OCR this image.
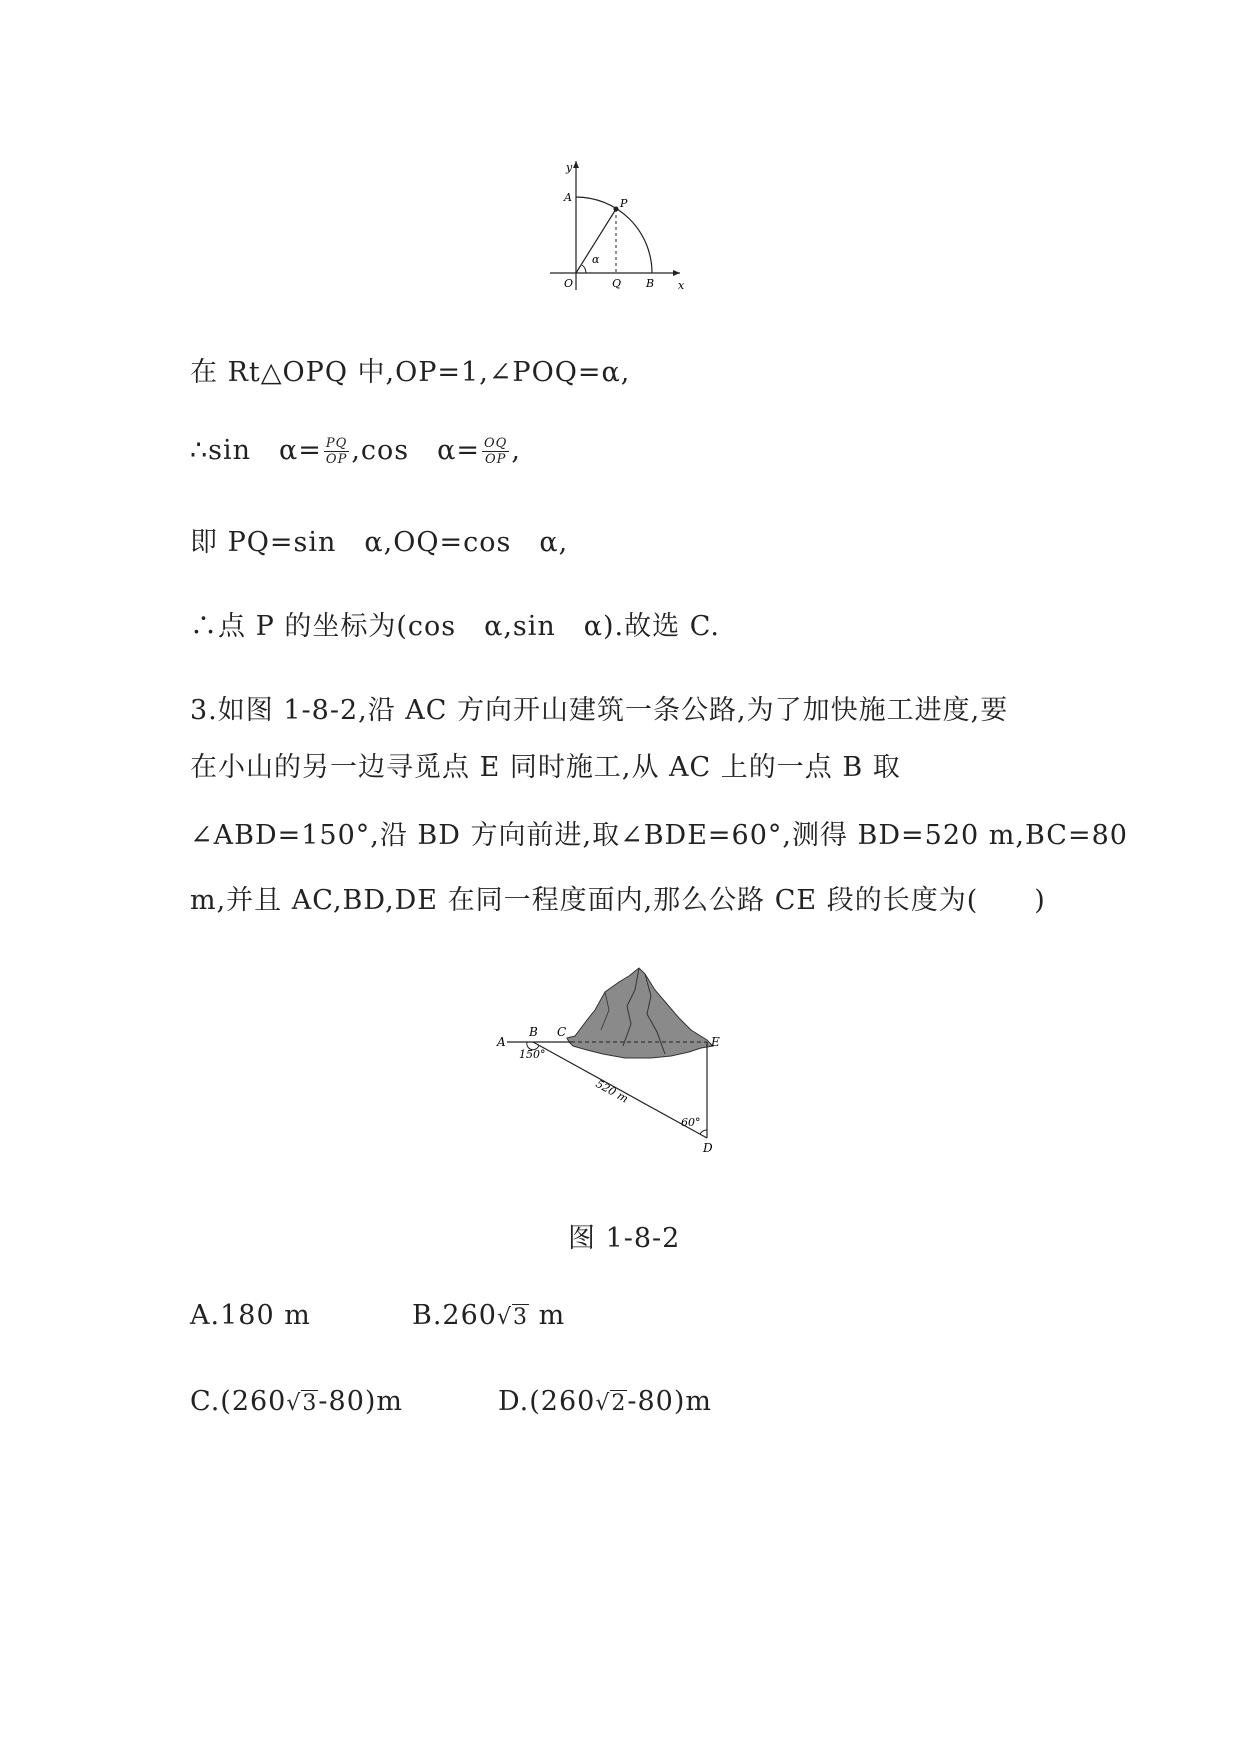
y
A	P
α
O	Q B x
在 Rt△OPQ 中,OP=1,∠POQ=α,
∴sin　$\alpha= \frac{PQ}{OP} ,\cos$　$\alpha= \frac{OQ}{OP}$ ,
即 PQ=sin　α,OQ=cos　α,
∴点 P 的坐标为(cos　α,sin　α).故选 C.
3.如图 1-8-2,沿 AC 方向开山建筑一条公路,为了加快施工进度,要
在小山的另一边寻觅点 E 同时施工,从 AC 上的一点 B 取
∠ABD=150°,沿 BD 方向前进,取∠BDE=60°,测得 BD=520 m,BC=80
m,并且 AC,BD,DE 在同一程度面内,那么公路 CE 段的长度为(　　)
A
B C
E
D
150°
520 m
60°
图 1-8-2
A.180 m	B.260√3 m
C.(260√3-80)m	D.(260√2-80)m
